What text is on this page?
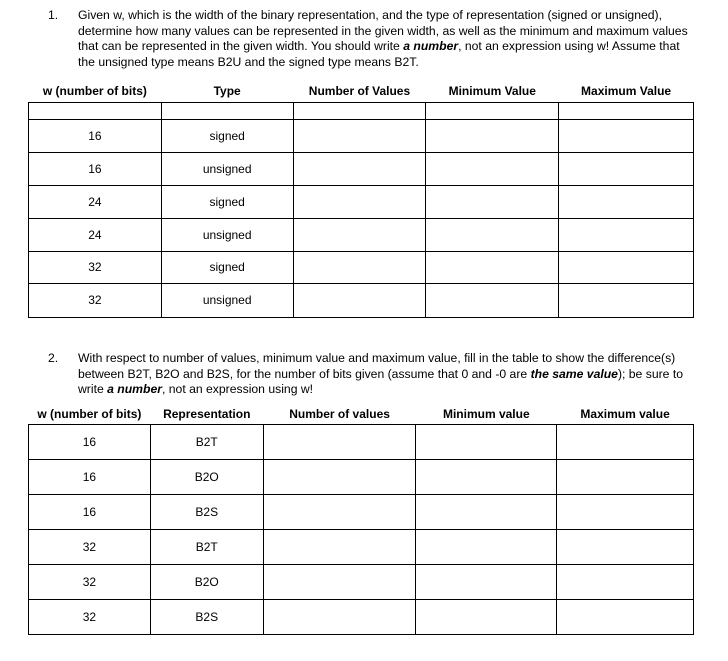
1. Given w, which is the width of the binary representation, and the type of representation (signed or unsigned),
determine how many values can be represented in the given width, as well as the minimum and maximum values
that can be represented in the given width. You should write a number, not an expression using w! Assume that
the unsigned type means B2U and the signed type means B2T.
w (number of bits)	Type	Number of Values	Minimum Value	Maximum Value

16	signed			
16	unsigned			
24	signed			
24	unsigned			
32	signed			
32	unsigned			
2. With respect to number of values, minimum value and maximum value, fill in the table to show the difference(s)
between B2T, B2O and B2S, for the number of bits given (assume that 0 and -0 are the same value); be sure to
write a number, not an expression using w!
w (number of bits)	Representation	Number of values	Minimum value	Maximum value
16	B2T			
16	B2O			
16	B2S			
32	B2T			
32	B2O			
32	B2S			
